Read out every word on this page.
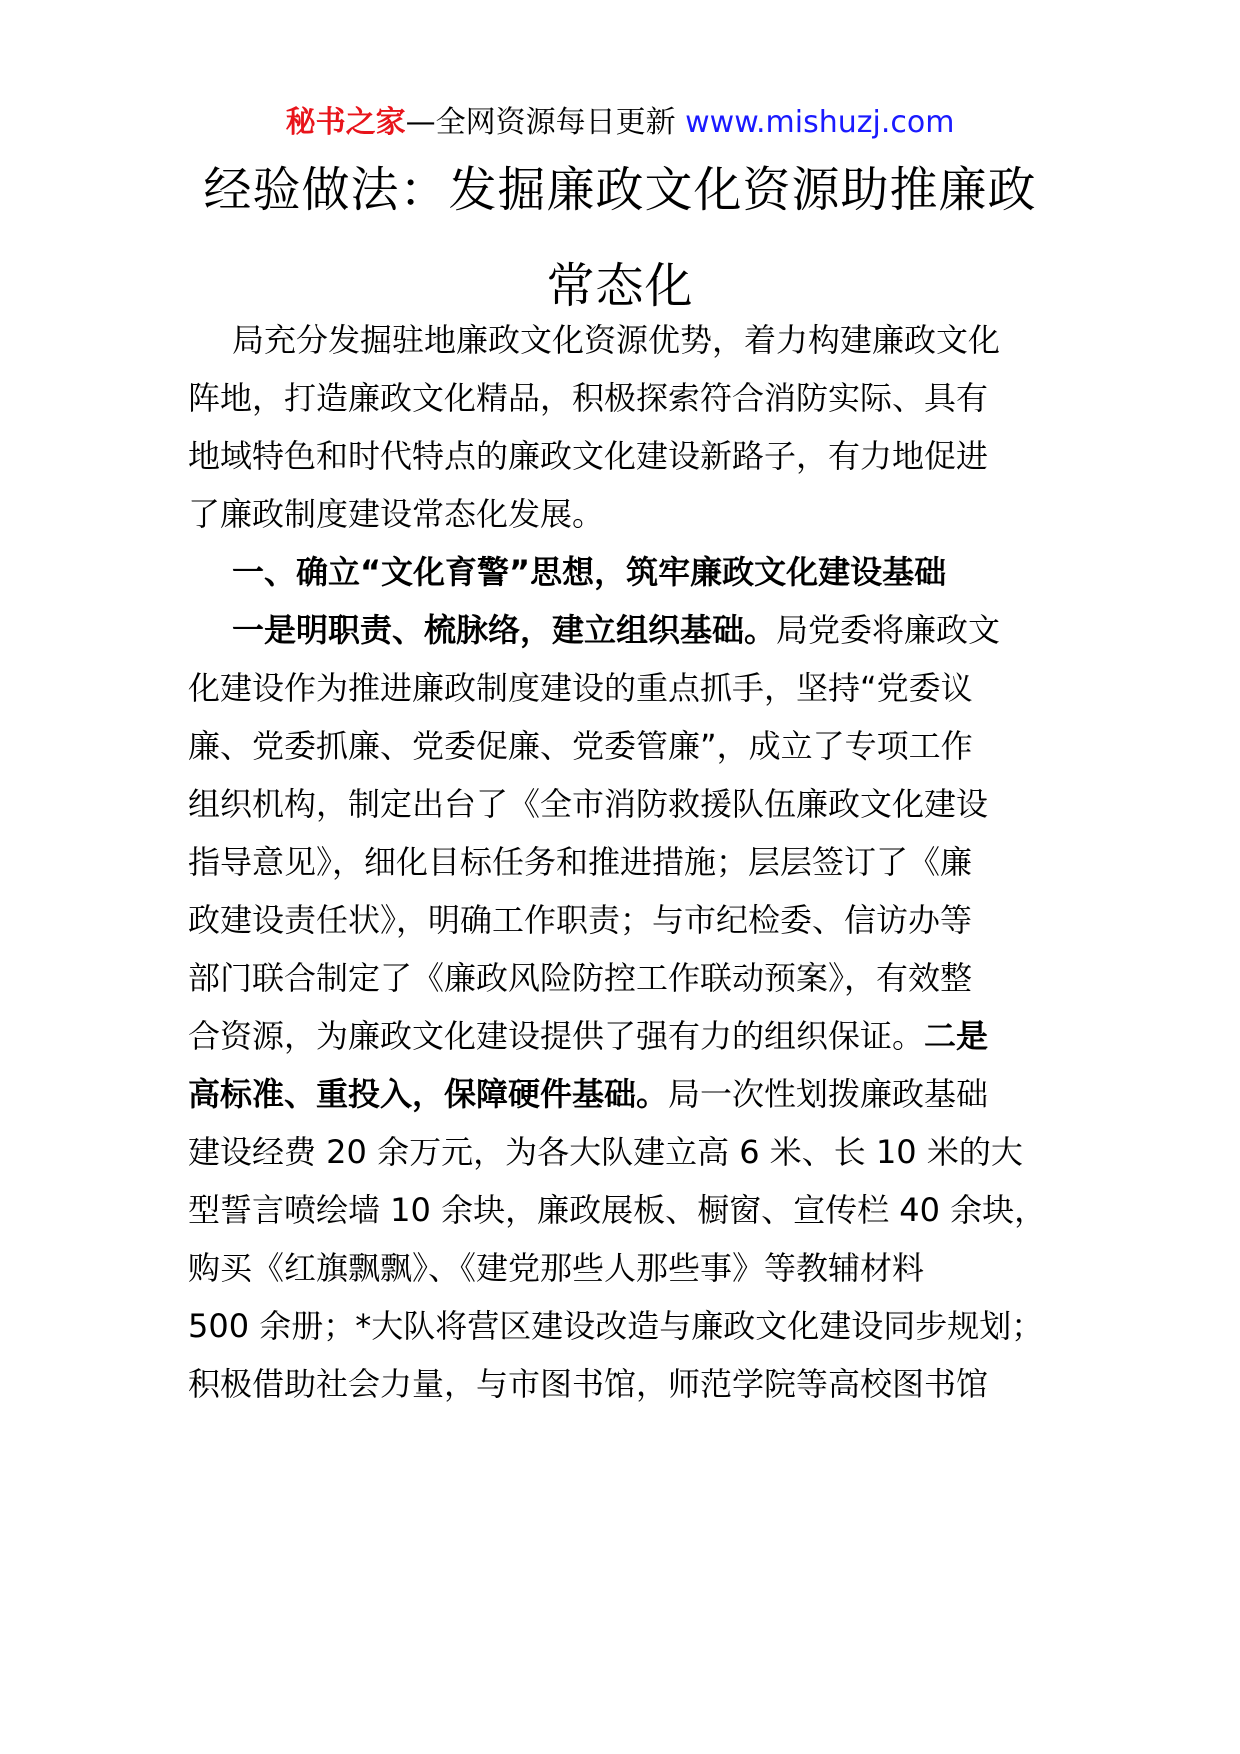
秘书之家—全网资源每日更新 www.mishuzj.com
经验做法：发掘廉政文化资源助推廉政
常态化
局充分发掘驻地廉政文化资源优势，着力构建廉政文化
阵地，打造廉政文化精品，积极探索符合消防实际、具有
地域特色和时代特点的廉政文化建设新路子，有力地促进
了廉政制度建设常态化发展。
一、确立“文化育警”思想，筑牢廉政文化建设基础
一是明职责、梳脉络，建立组织基础。局党委将廉政文
化建设作为推进廉政制度建设的重点抓手，坚持“党委议
廉、党委抓廉、党委促廉、党委管廉”，成立了专项工作
组织机构，制定出台了《全市消防救援队伍廉政文化建设
指导意见》，细化目标任务和推进措施；层层签订了《廉
政建设责任状》，明确工作职责；与市纪检委、信访办等
部门联合制定了《廉政风险防控工作联动预案》，有效整
合资源，为廉政文化建设提供了强有力的组织保证。二是
高标准、重投入，保障硬件基础。局一次性划拨廉政基础
建设经费 20 余万元，为各大队建立高 6 米、长 10 米的大
型誓言喷绘墙 10 余块，廉政展板、橱窗、宣传栏 40 余块，
购买《红旗飘飘》、《建党那些人那些事》等教辅材料
500 余册；*大队将营区建设改造与廉政文化建设同步规划；
积极借助社会力量，与市图书馆，师范学院等高校图书馆
